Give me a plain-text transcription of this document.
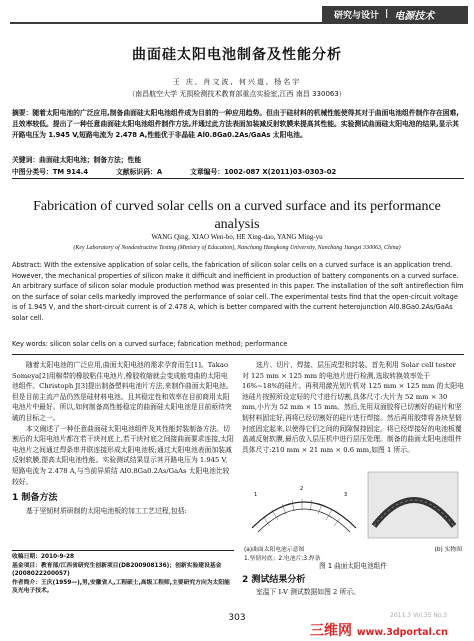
研究与设计 | 电源技术
曲面硅太阳电池制备及性能分析
王 庆, 肖文波, 何兴道, 杨名宇
（南昌航空大学 无损检测技术教育部重点实验室,江西 南昌 330063）
摘要：随着太阳电池的广泛应用,制备曲面硅太阳电池组件成为目前的一种应用趋势。但由于硅材料的机械性能使得其对于曲面电池组件制作存在困难,且效率较低。提出了一种任意曲面硅太阳电池组件制作方法,并通过此方法表面加装减反射软膜来提高其性能。实验测试曲面硅太阳电池的结果,显示其开路电压为 1.945 V,短路电流为 2.478 A,性能优于非晶硅 Al0.8Ga0.2As/GaAs 太阳电池。
关键词：曲面硅太阳电池；制备方法；性能
中图分类号：TM 914.4	文献标识码：A	文章编号：1002-087 X(2011)03-0303-02
Fabrication of curved solar cells on a curved surface and its performance analysis
WANG Qing, XIAO Wen-bo, HE Xing-dao, YANG Ming-yu
(Key Laboratory of Nondestructive Testing (Ministry of Education), Nanchang Hangkong University, Nanchang Jiangxi 330063, China)
Abstract: With the extensive application of solar cells, the fabrication of silicon solar cells on a curved surface is an application trend. However, the mechanical properties of silicon make it difficult and inefficient in production of battery components on a curved surface. An arbitrary surface of silicon solar module production method was presented in this paper. The installation of the soft antireflection film on the surface of solar cells markedly improved the performance of solar cell. The experimental tests find that the open-circuit voltage is of 1.945 V, and the short-circuit current is of 2.478 A, which is better compared with the current heterojunction Al0.8Ga0.2As/GaAs solar cell.
Key words: silicon solar cells on a curved surface; fabrication method; performance

随着太阳电池的广泛应用,曲面太阳电池的需求孕育而生[1]。Takao Someya[2]用棉带的橡胶粘住电池片,橡胶收缩就会变成能弯曲的太阳电池组件。Christoph J[3]提出制备塑料电池片方法,来制作曲面太阳电池。但是目前主流产品仍然是硅材料电池。且其稳定性和效率在目前商用太阳电池片中最好。所以,如何制备高性能稳定的曲面硅太阳电池是目前亟待突破的目标之一。

本文阐述了一种任意曲面硅太阳电池组件及其性能封装制备方法。切割后的太阳电池片都在若干块衬底上,若干块衬底之间接曲面要求连接,太阳电池片之间通过焊条串并联连接形成太阳电池板;通过太阳电池表面加装减反射软膜,提高太阳电池性能。实验测试结果显示其开路电压为 1.945 V,短路电流为 2.478 A,与当前异质结 Al0.8Ga0.2As/GaAs 太阳电池比较较好。

1 制备方法

基于坚韧材质研制的太阳电池板的加工工艺过程,包括:

收稿日期：2010-9-28
基金项目：教育部/江西省研究生创新项目(DB200908136)；创新实验建设基金(2008022200057)
作者简介：王庆(1959—),男,安徽省人,工程硕士,高级工程师,主要研究方向为太阳能及光电子技术。

选片、切片、焊接、层压成型和封装。首先利用 Solar cell tester 对 125 mm × 125 mm 的电池片进行检测,选取转换效率处于 16%~18%的硅片。再利用激光划片机对 125 mm × 125 mm 的太阳电池硅片按照所设定好的尺寸进行切割,具体尺寸:大片为 52 mm × 30 mm,小片为 52 mm × 15 mm。然后,先用双面胶将已切割好的硅片和坚韧材料固定好,再将已经切割好的硅片进行焊接。然后再用胶带将各块坚韧衬底固定起来,以使得它们之间的间隙保持固定。将已经焊接好的电池板覆盖减反射软膜,最后放入层压机中进行层压处理。制备的曲面太阳电池组件具体尺寸:210 mm × 21 mm × 0.6 mm,如图 1 所示。

1
2
3
(a)曲面太阳电池示意图	(b) 实物图
1.坚韧衬底；2.电池片;3.焊条
图 1 曲面太阳电池组件
2 测试结果分析
室温下 I-V 测试数据如图 2 所示。
303	2011.3 Vol.35 No.3
三维网 www.3dportal.cn
